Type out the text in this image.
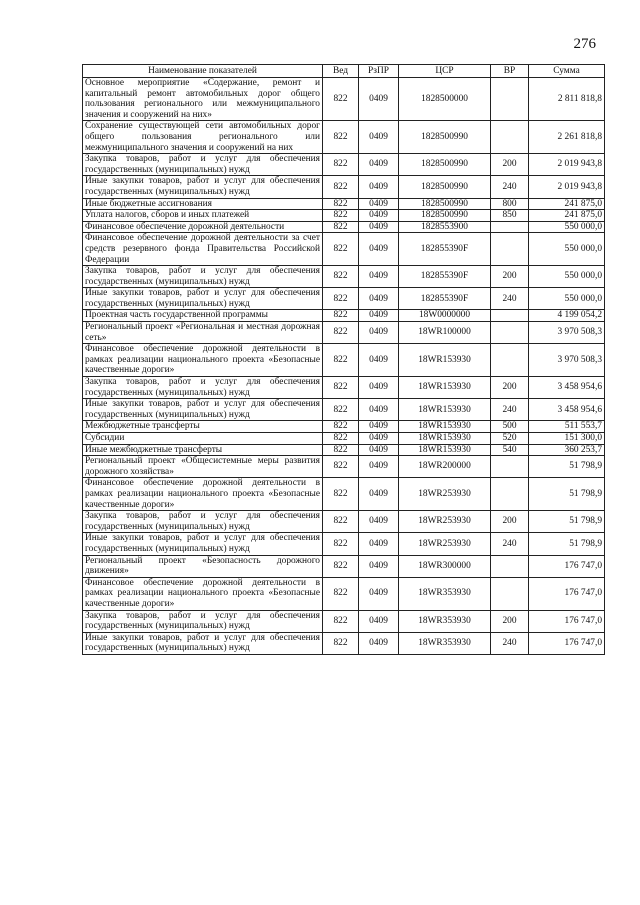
276
Наименование показателей	Вед	РзПР	ЦСР	ВР	Сумма
Основное мероприятие «Содержание, ремонт и капитальный ремонт автомобильных дорог общего пользования регионального или межмуниципального значения и сооружений на них»	822	0409	1828500000		2 811 818,8
Сохранение существующей сети автомобильных дорог общего пользования регионального или межмуниципального значения и сооружений на них	822	0409	1828500990		2 261 818,8
Закупка товаров, работ и услуг для обеспечения государственных (муниципальных) нужд	822	0409	1828500990	200	2 019 943,8
Иные закупки товаров, работ и услуг для обеспечения государственных (муниципальных) нужд	822	0409	1828500990	240	2 019 943,8
Иные бюджетные ассигнования	822	0409	1828500990	800	241 875,0
Уплата налогов, сборов и иных платежей	822	0409	1828500990	850	241 875,0
Финансовое обеспечение дорожной деятельности	822	0409	1828553900		550 000,0
Финансовое обеспечение дорожной деятельности за счет средств резервного фонда Правительства Российской Федерации	822	0409	182855390F		550 000,0
Закупка товаров, работ и услуг для обеспечения государственных (муниципальных) нужд	822	0409	182855390F	200	550 000,0
Иные закупки товаров, работ и услуг для обеспечения государственных (муниципальных) нужд	822	0409	182855390F	240	550 000,0
Проектная часть государственной программы	822	0409	18W0000000		4 199 054,2
Региональный проект «Региональная и местная дорожная сеть»	822	0409	18WR100000		3 970 508,3
Финансовое обеспечение дорожной деятельности в рамках реализации национального проекта «Безопасные качественные дороги»	822	0409	18WR153930		3 970 508,3
Закупка товаров, работ и услуг для обеспечения государственных (муниципальных) нужд	822	0409	18WR153930	200	3 458 954,6
Иные закупки товаров, работ и услуг для обеспечения государственных (муниципальных) нужд	822	0409	18WR153930	240	3 458 954,6
Межбюджетные трансферты	822	0409	18WR153930	500	511 553,7
Субсидии	822	0409	18WR153930	520	151 300,0
Иные межбюджетные трансферты	822	0409	18WR153930	540	360 253,7
Региональный проект «Общесистемные меры развития дорожного хозяйства»	822	0409	18WR200000		51 798,9
Финансовое обеспечение дорожной деятельности в рамках реализации национального проекта «Безопасные качественные дороги»	822	0409	18WR253930		51 798,9
Закупка товаров, работ и услуг для обеспечения государственных (муниципальных) нужд	822	0409	18WR253930	200	51 798,9
Иные закупки товаров, работ и услуг для обеспечения государственных (муниципальных) нужд	822	0409	18WR253930	240	51 798,9
Региональный проект «Безопасность дорожного движения»	822	0409	18WR300000		176 747,0
Финансовое обеспечение дорожной деятельности в рамках реализации национального проекта «Безопасные качественные дороги»	822	0409	18WR353930		176 747,0
Закупка товаров, работ и услуг для обеспечения государственных (муниципальных) нужд	822	0409	18WR353930	200	176 747,0
Иные закупки товаров, работ и услуг для обеспечения государственных (муниципальных) нужд	822	0409	18WR353930	240	176 747,0
